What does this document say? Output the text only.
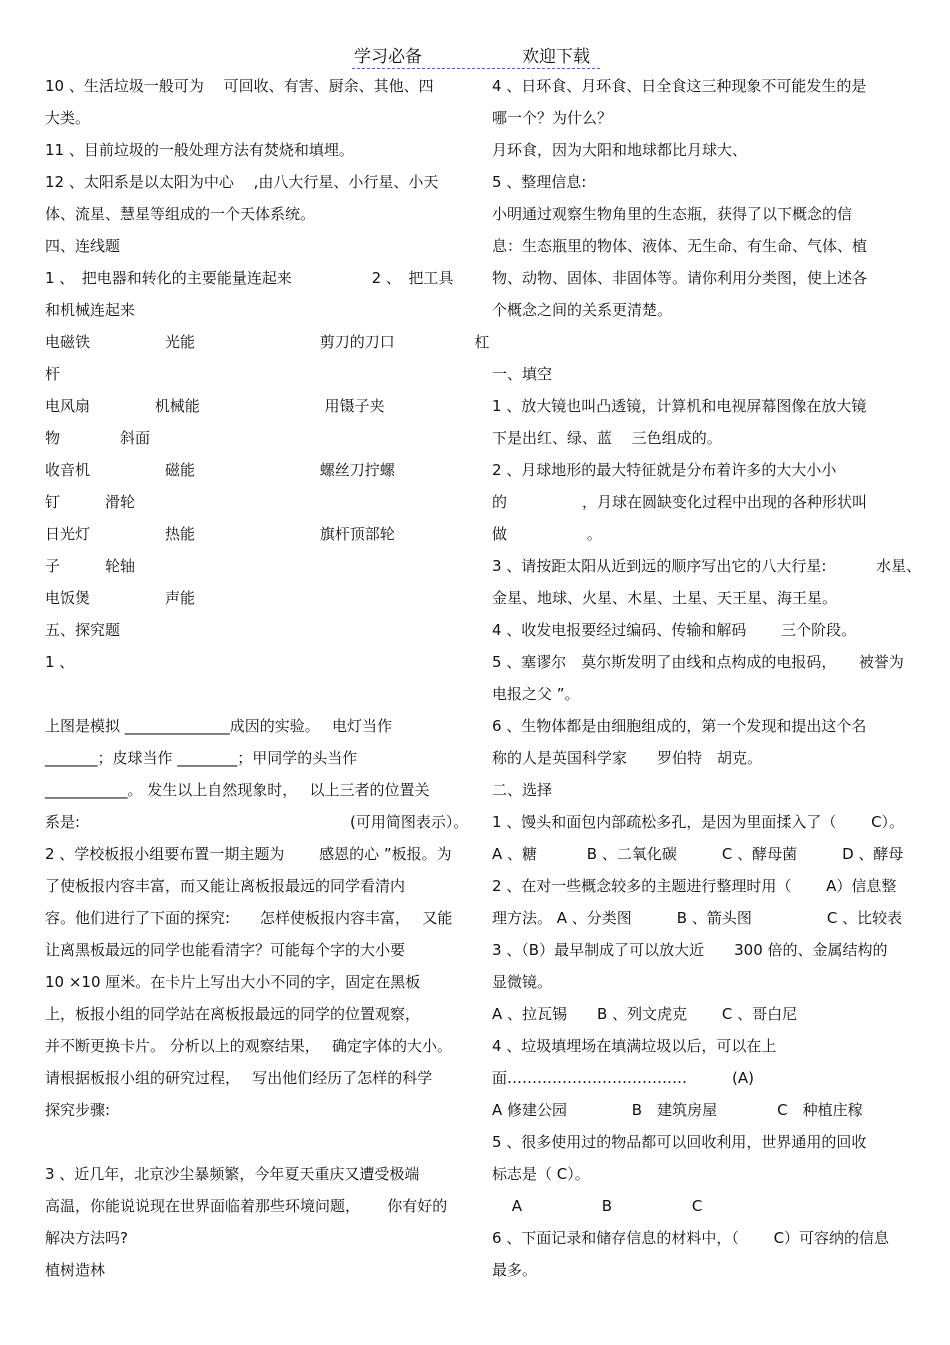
学习必备	欢迎下载
10 、生活垃圾一般可为　 可回收、有害、厨余、其他、四
大类。
11 、目前垃圾的一般处理方法有焚烧和填埋。
12 、太阳系是以太阳为中心　 ,由八大行星、小行星、小天
体、流星、慧星等组成的一个天体系统。
四、连线题
1 、　把电器和转化的主要能量连起来　　　　　 2 、　把工具
和机械连起来
电磁铁　　　　　光能　　　　　　　　 剪刀的刀口　　　　　 杠
杆
电风扇　　　　 机械能　　　　　　　　 用镊子夹
物　　　　斜面
收音机　　　　　磁能　　　　　　　　 螺丝刀拧螺
钉　　　滑轮
日光灯　　　　　热能　　　　　　　　 旗杆顶部轮
子　　　轮轴
电饭煲　　　　　声能
五、探究题
1 、
上图是模拟 ______________成因的实验。　 电灯当作
_______；皮球当作 ________；甲同学的头当作
___________。 发生以上自然现象时，　 以上三者的位置关
系是:　　　　　　　　　　　　　　　　　　(可用简图表示）。
2 、学校板报小组要布置一期主题为　　 感恩的心 ”板报。为
了使板报内容丰富，而又能让离板报最远的同学看清内
容。他们进行了下面的探究:　　怎样使板报内容丰富，　 又能
让离黑板最远的同学也能看清字？可能每个字的大小要
10 ×10 厘米。在卡片上写出大小不同的字，固定在黑板
上，板报小组的同学站在离板报最远的同学的位置观察，
并不断更换卡片。 分析以上的观察结果，　 确定字体的大小。
请根据板报小组的研究过程，　 写出他们经历了怎样的科学
探究步骤:
3 、近几年，北京沙尘暴频繁，今年夏天重庆又遭受极端
高温，你能说说现在世界面临着那些环境问题，　　 你有好的
解决方法吗?
植树造林
4 、日环食、月环食、日全食这三种现象不可能发生的是
哪一个？为什么？
月环食，因为大阳和地球都比月球大、
5 、整理信息:
小明通过观察生物角里的生态瓶，获得了以下概念的信
息：生态瓶里的物体、液体、无生命、有生命、气体、植
物、动物、固体、非固体等。请你利用分类图，使上述各
个概念之间的关系更清楚。
一、填空
1 、放大镜也叫凸透镜，计算机和电视屏幕图像在放大镜
下是出红、绿、蓝　 三色组成的。
2 、月球地形的最大特征就是分布着许多的大大小小
的　　　　　，月球在圆缺变化过程中出现的各种形状叫
做　　　　　 。
3 、请按距太阳从近到远的顺序写出它的八大行星:　　　 水星、
金星、地球、火星、木星、土星、天王星、海王星。
4 、收发电报要经过编码、传输和解码　　 三个阶段。
5 、塞谬尔　莫尔斯发明了由线和点构成的电报码，　　被誉为
电报之父 ”。
6 、生物体都是由细胞组成的，第一个发现和提出这个名
称的人是英国科学家　　罗伯特　胡克。
二、选择
1 、馒头和面包内部疏松多孔，是因为里面揉入了（　　 C）。
A 、糖　　　 B 、二氧化碳　　　C 、酵母菌　　　D 、酵母
2 、在对一些概念较多的主题进行整理时用（　　 A）信息整
理方法。 A 、分类图　　　B 、箭头图　　　　　C 、比较表
3 、（B）最早制成了可以放大近　　300 倍的、金属结构的
显微镜。
A 、拉瓦锡　　B 、列文虎克　　 C 、哥白尼
4 、垃圾填埋场在填满垃圾以后，可以在上
面………………………………　　　(A)
A 修建公园　　　　 B　建筑房屋　　　　C　种植庄稼
5 、很多使用过的物品都可以回收利用，世界通用的回收
标志是（ C）。
　 A　　　　　 B　　　　　 C
6 、下面记录和储存信息的材料中，（　　 C）可容纳的信息
最多。
